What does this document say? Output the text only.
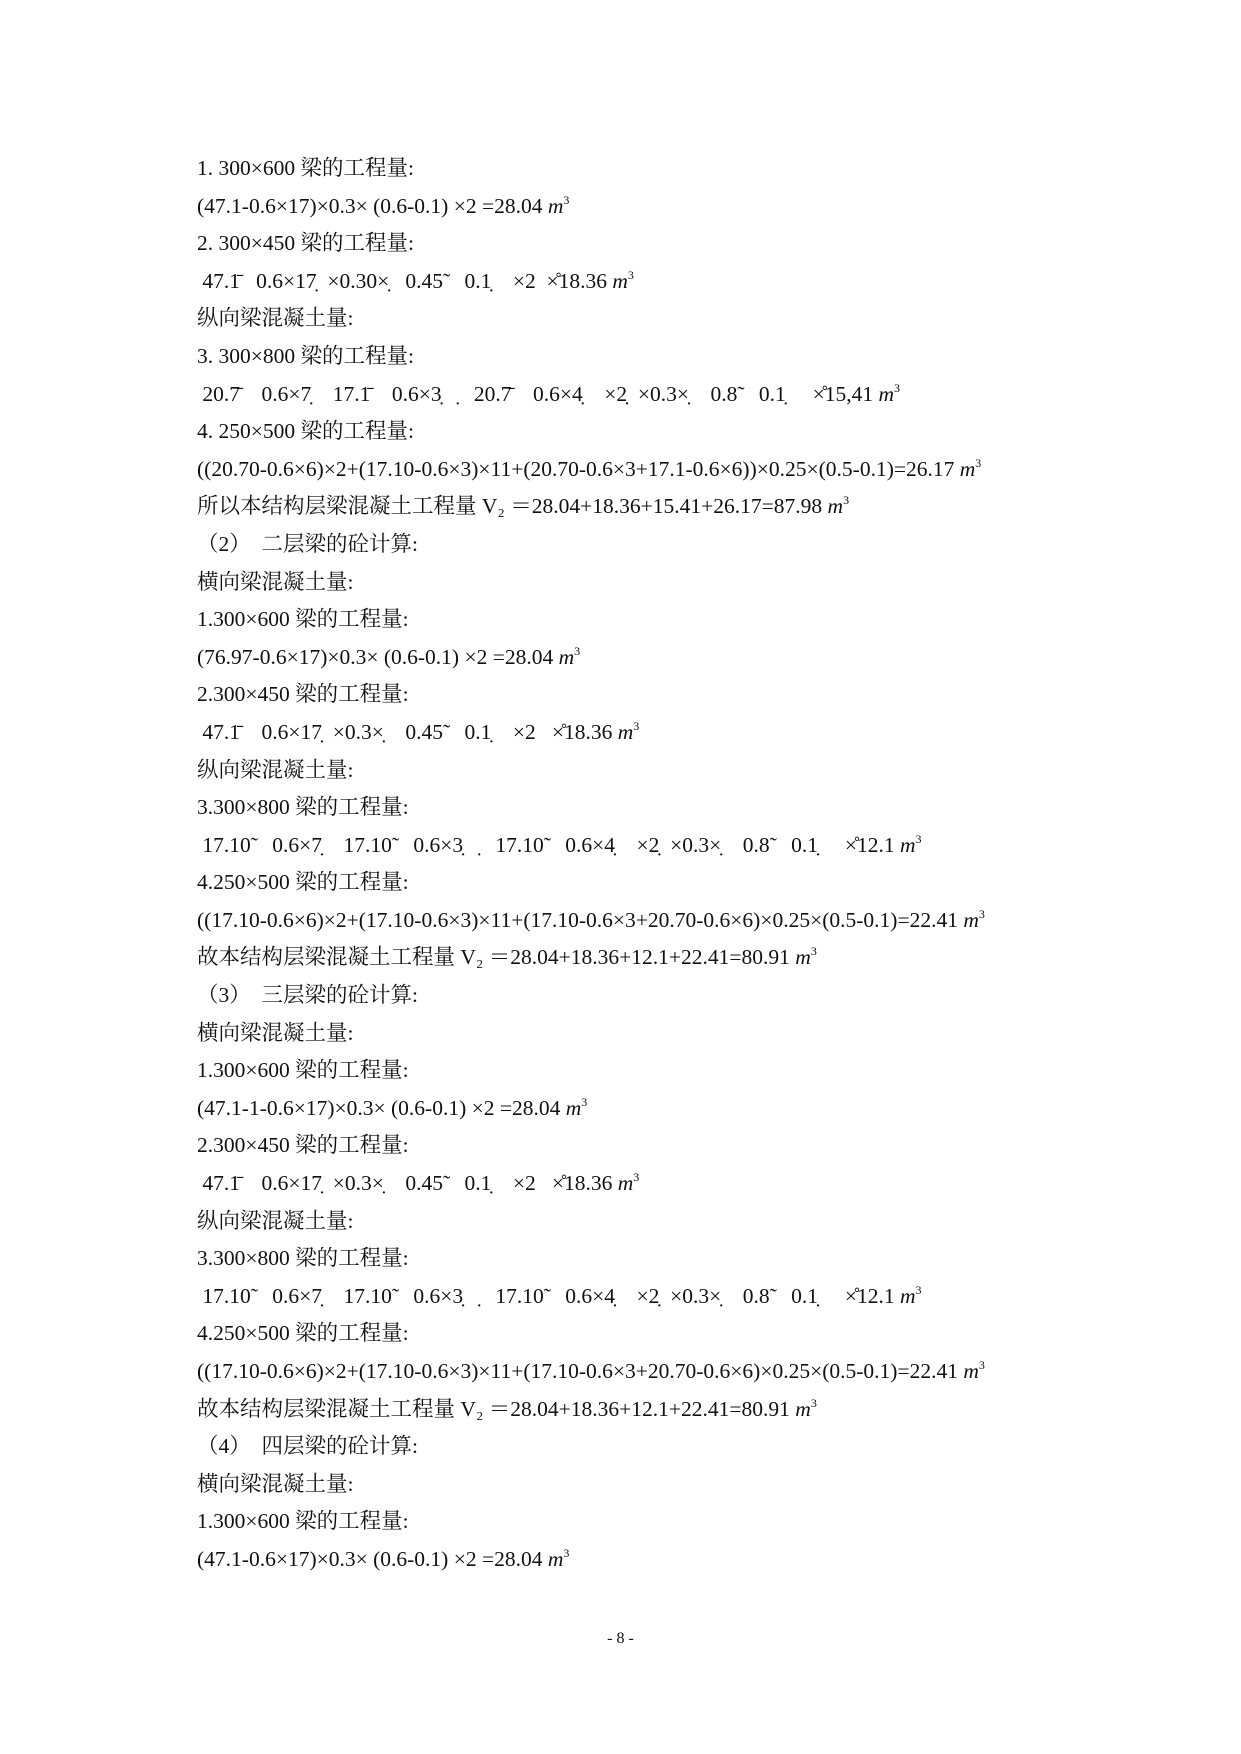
1. 300×600 梁的工程量:
(47.1-0.6×17)×0.3× (0.6-0.1) ×2 =28.04 $m^3$
2. 300×450 梁的工程量:
47.1̄   0.6×17̣  ×0.30×̣   0.45̃    0.1̣    ×2  ×̊18.36 $m^3$
纵向梁混凝土量:
3. 300×800 梁的工程量:
20.7̄    0.6×7̣    17.1̄    0.6×3̣   ̣   20.7̄    0.6×4̣    ×2̣  ×0.3×̣    0.8̃    0.1̣     ×̊15,41 $m^3$
4. 250×500 梁的工程量:
((20.70-0.6×6)×2+(17.10-0.6×3)×11+(20.70-0.6×3+17.1-0.6×6))×0.25×(0.5-0.1)=26.17 $m^3$
所以本结构层梁混凝土工程量 V₂ ＝28.04+18.36+15.41+26.17=87.98 $m^3$
（2）  二层梁的砼计算:
横向梁混凝土量:
1.300×600 梁的工程量:
(76.97-0.6×17)×0.3× (0.6-0.1) ×2 =28.04 $m^3$
2.300×450 梁的工程量:
47.1̄    0.6×17̣  ×0.3×̣    0.45̃    0.1̣    ×2   ×̊18.36 $m^3$
纵向梁混凝土量:
3.300×800 梁的工程量:
17.10̃    0.6×7̣    17.10̃    0.6×3̣   ̣   17.10̃    0.6×4̣    ×2̣  ×0.3×̣    0.8̃    0.1̣     ×̊12.1 $m^3$
4.250×500 梁的工程量:
((17.10-0.6×6)×2+(17.10-0.6×3)×11+(17.10-0.6×3+20.70-0.6×6)×0.25×(0.5-0.1)=22.41 $m^3$
故本结构层梁混凝土工程量 V₂ ＝28.04+18.36+12.1+22.41=80.91 $m^3$
（3）  三层梁的砼计算:
横向梁混凝土量:
1.300×600 梁的工程量:
(47.1-1-0.6×17)×0.3× (0.6-0.1) ×2 =28.04 $m^3$
2.300×450 梁的工程量:
47.1̄    0.6×17̣  ×0.3×̣    0.45̃    0.1̣    ×2   ×̊18.36 $m^3$
纵向梁混凝土量:
3.300×800 梁的工程量:
17.10̃    0.6×7̣    17.10̃    0.6×3̣   ̣   17.10̃    0.6×4̣    ×2̣  ×0.3×̣    0.8̃    0.1̣     ×̊12.1 $m^3$
4.250×500 梁的工程量:
((17.10-0.6×6)×2+(17.10-0.6×3)×11+(17.10-0.6×3+20.70-0.6×6)×0.25×(0.5-0.1)=22.41 $m^3$
故本结构层梁混凝土工程量 V₂ ＝28.04+18.36+12.1+22.41=80.91 $m^3$
（4）  四层梁的砼计算:
横向梁混凝土量:
1.300×600 梁的工程量:
(47.1-0.6×17)×0.3× (0.6-0.1) ×2 =28.04 $m^3$
- 8 -
